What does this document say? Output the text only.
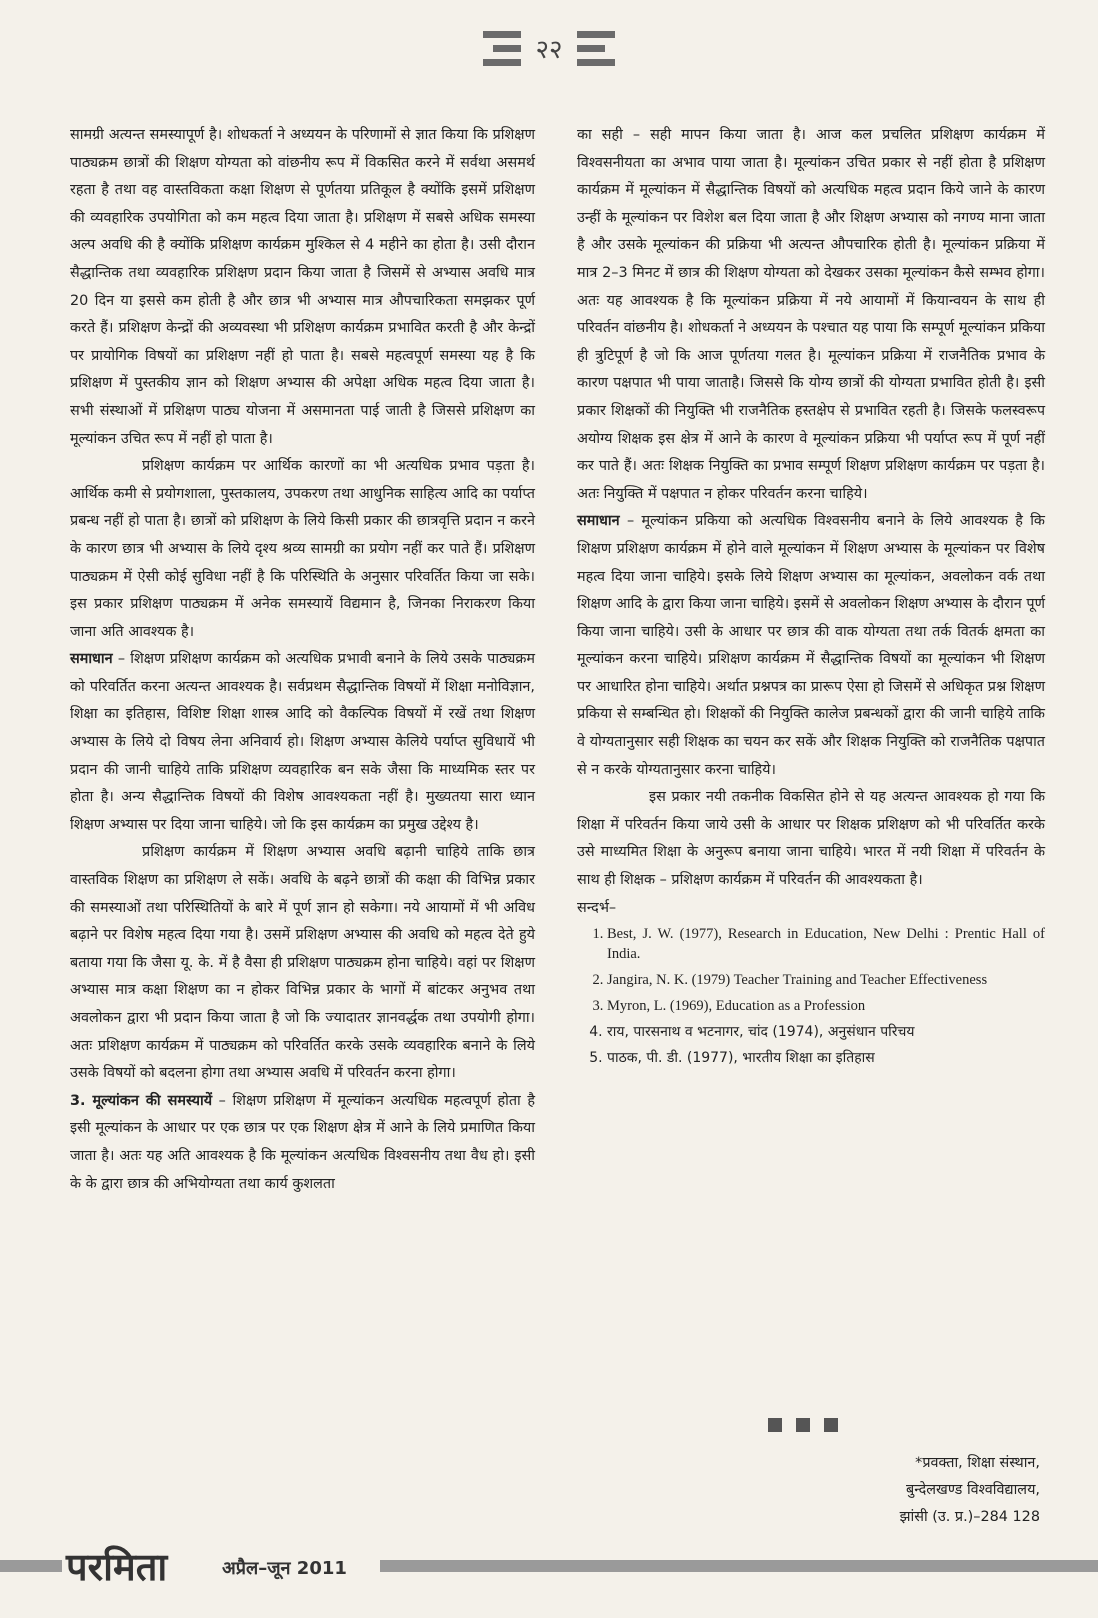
२२

सामग्री अत्यन्त समस्यापूर्ण है। शोधकर्ता ने अध्ययन के परिणामों से ज्ञात किया कि प्रशिक्षण पाठ्यक्रम छात्रों की शिक्षण योग्यता को वांछनीय रूप में विकसित करने में सर्वथा असमर्थ रहता है तथा वह वास्तविकता कक्षा शिक्षण से पूर्णतया प्रतिकूल है क्योंकि इसमें प्रशिक्षण की व्यवहारिक उपयोगिता को कम महत्व दिया जाता है। प्रशिक्षण में सबसे अधिक समस्या अल्प अवधि की है क्योंकि प्रशिक्षण कार्यक्रम मुश्किल से 4 महीने का होता है। उसी दौरान सैद्धान्तिक तथा व्यवहारिक प्रशिक्षण प्रदान किया जाता है जिसमें से अभ्यास अवधि मात्र 20 दिन या इससे कम होती है और छात्र भी अभ्यास मात्र औपचारिकता समझकर पूर्ण करते हैं। प्रशिक्षण केन्द्रों की अव्यवस्था भी प्रशिक्षण कार्यक्रम प्रभावित करती है और केन्द्रों पर प्रायोगिक विषयों का प्रशिक्षण नहीं हो पाता है। सबसे महत्वपूर्ण समस्या यह है कि प्रशिक्षण में पुस्तकीय ज्ञान को शिक्षण अभ्यास की अपेक्षा अधिक महत्व दिया जाता है। सभी संस्थाओं में प्रशिक्षण पाठ्य योजना में असमानता पाई जाती है जिससे प्रशिक्षण का मूल्यांकन उचित रूप में नहीं हो पाता है।

प्रशिक्षण कार्यक्रम पर आर्थिक कारणों का भी अत्यधिक प्रभाव पड़ता है। आर्थिक कमी से प्रयोगशाला, पुस्तकालय, उपकरण तथा आधुनिक साहित्य आदि का पर्याप्त प्रबन्ध नहीं हो पाता है। छात्रों को प्रशिक्षण के लिये किसी प्रकार की छात्रवृत्ति प्रदान न करने के कारण छात्र भी अभ्यास के लिये दृश्य श्रव्य सामग्री का प्रयोग नहीं कर पाते हैं। प्रशिक्षण पाठ्यक्रम में ऐसी कोई सुविधा नहीं है कि परिस्थिति के अनुसार परिवर्तित किया जा सके। इस प्रकार प्रशिक्षण पाठ्यक्रम में अनेक समस्यायें विद्यमान है, जिनका निराकरण किया जाना अति आवश्यक है।

समाधान – शिक्षण प्रशिक्षण कार्यक्रम को अत्यधिक प्रभावी बनाने के लिये उसके पाठ्यक्रम को परिवर्तित करना अत्यन्त आवश्यक है। सर्वप्रथम सैद्धान्तिक विषयों में शिक्षा मनोविज्ञान, शिक्षा का इतिहास, विशिष्ट शिक्षा शास्त्र आदि को वैकल्पिक विषयों में रखें तथा शिक्षण अभ्यास के लिये दो विषय लेना अनिवार्य हो। शिक्षण अभ्यास केलिये पर्याप्त सुविधायें भी प्रदान की जानी चाहिये ताकि प्रशिक्षण व्यवहारिक बन सके जैसा कि माध्यमिक स्तर पर होता है। अन्य सैद्धान्तिक विषयों की विशेष आवश्यकता नहीं है। मुख्यतया सारा ध्यान शिक्षण अभ्यास पर दिया जाना चाहिये। जो कि इस कार्यक्रम का प्रमुख उद्देश्य है।

प्रशिक्षण कार्यक्रम में शिक्षण अभ्यास अवधि बढ़ानी चाहिये ताकि छात्र वास्तविक शिक्षण का प्रशिक्षण ले सकें। अवधि के बढ़ने छात्रों की कक्षा की विभिन्न प्रकार की समस्याओं तथा परिस्थितियों के बारे में पूर्ण ज्ञान हो सकेगा। नये आयामों में भी अविध बढ़ाने पर विशेष महत्व दिया गया है। उसमें प्रशिक्षण अभ्यास की अवधि को महत्व देते हुये बताया गया कि जैसा यू. के. में है वैसा ही प्रशिक्षण पाठ्यक्रम होना चाहिये। वहां पर शिक्षण अभ्यास मात्र कक्षा शिक्षण का न होकर विभिन्न प्रकार के भागों में बांटकर अनुभव तथा अवलोकन द्वारा भी प्रदान किया जाता है जो कि ज्यादातर ज्ञानवर्द्धक तथा उपयोगी होगा। अतः प्रशिक्षण कार्यक्रम में पाठ्यक्रम को परिवर्तित करके उसके व्यवहारिक बनाने के लिये उसके विषयों को बदलना होगा तथा अभ्यास अवधि में परिवर्तन करना होगा।

3. मूल्यांकन की समस्यायें – शिक्षण प्रशिक्षण में मूल्यांकन अत्यधिक महत्वपूर्ण होता है इसी मूल्यांकन के आधार पर एक छात्र पर एक शिक्षण क्षेत्र में आने के लिये प्रमाणित किया जाता है। अतः यह अति आवश्यक है कि मूल्यांकन अत्यधिक विश्वसनीय तथा वैध हो। इसी के के द्वारा छात्र की अभियोग्यता तथा कार्य कुशलता

का सही – सही मापन किया जाता है। आज कल प्रचलित प्रशिक्षण कार्यक्रम में विश्वसनीयता का अभाव पाया जाता है। मूल्यांकन उचित प्रकार से नहीं होता है प्रशिक्षण कार्यक्रम में मूल्यांकन में सैद्धान्तिक विषयों को अत्यधिक महत्व प्रदान किये जाने के कारण उन्हीं के मूल्यांकन पर विशेश बल दिया जाता है और शिक्षण अभ्यास को नगण्य माना जाता है और उसके मूल्यांकन की प्रक्रिया भी अत्यन्त औपचारिक होती है। मूल्यांकन प्रक्रिया में मात्र 2–3 मिनट में छात्र की शिक्षण योग्यता को देखकर उसका मूल्यांकन कैसे सम्भव होगा। अतः यह आवश्यक है कि मूल्यांकन प्रक्रिया में नये आयामों में कियान्वयन के साथ ही परिवर्तन वांछनीय है। शोधकर्ता ने अध्ययन के पश्चात यह पाया कि सम्पूर्ण मूल्यांकन प्रकिया ही त्रुटिपूर्ण है जो कि आज पूर्णतया गलत है। मूल्यांकन प्रक्रिया में राजनैतिक प्रभाव के कारण पक्षपात भी पाया जाताहै। जिससे कि योग्य छात्रों की योग्यता प्रभावित होती है। इसी प्रकार शिक्षकों की नियुक्ति भी राजनैतिक हस्तक्षेप से प्रभावित रहती है। जिसके फलस्वरूप अयोग्य शिक्षक इस क्षेत्र में आने के कारण वे मूल्यांकन प्रक्रिया भी पर्याप्त रूप में पूर्ण नहीं कर पाते हैं। अतः शिक्षक नियुक्ति का प्रभाव सम्पूर्ण शिक्षण प्रशिक्षण कार्यक्रम पर पड़ता है। अतः नियुक्ति में पक्षपात न होकर परिवर्तन करना चाहिये।

समाधान – मूल्यांकन प्रकिया को अत्यधिक विश्वसनीय बनाने के लिये आवश्यक है कि शिक्षण प्रशिक्षण कार्यक्रम में होने वाले मूल्यांकन में शिक्षण अभ्यास के मूल्यांकन पर विशेष महत्व दिया जाना चाहिये। इसके लिये शिक्षण अभ्यास का मूल्यांकन, अवलोकन वर्क तथा शिक्षण आदि के द्वारा किया जाना चाहिये। इसमें से अवलोकन शिक्षण अभ्यास के दौरान पूर्ण किया जाना चाहिये। उसी के आधार पर छात्र की वाक योग्यता तथा तर्क वितर्क क्षमता का मूल्यांकन करना चाहिये। प्रशिक्षण कार्यक्रम में सैद्धान्तिक विषयों का मूल्यांकन भी शिक्षण पर आधारित होना चाहिये। अर्थात प्रश्नपत्र का प्रारूप ऐसा हो जिसमें से अधिकृत प्रश्न शिक्षण प्रकिया से सम्बन्धित हो। शिक्षकों की नियुक्ति कालेज प्रबन्धकों द्वारा की जानी चाहिये ताकि वे योग्यतानुसार सही शिक्षक का चयन कर सकें और शिक्षक नियुक्ति को राजनैतिक पक्षपात से न करके योग्यतानुसार करना चाहिये।

इस प्रकार नयी तकनीक विकसित होने से यह अत्यन्त आवश्यक हो गया कि शिक्षा में परिवर्तन किया जाये उसी के आधार पर शिक्षक प्रशिक्षण को भी परिवर्तित करके उसे माध्यमित शिक्षा के अनुरूप बनाया जाना चाहिये। भारत में नयी शिक्षा में परिवर्तन के साथ ही शिक्षक – प्रशिक्षण कार्यक्रम में परिवर्तन की आवश्यकता है।

सन्दर्भ–

1. Best, J. W. (1977), Research in Education, New Delhi : Prentic Hall of India.
2. Jangira, N. K. (1979) Teacher Training and Teacher Effectiveness
3. Myron, L. (1969), Education as a Profession
4. राय, पारसनाथ व भटनागर, चांद (1974), अनुसंधान परिचय
5. पाठक, पी. डी. (1977), भारतीय शिक्षा का इतिहास
*प्रवक्ता, शिक्षा संस्थान,
बुन्देलखण्ड विश्वविद्यालय,
झांसी (उ. प्र.)–284 128
परमिता	अप्रैल–जून 2011
